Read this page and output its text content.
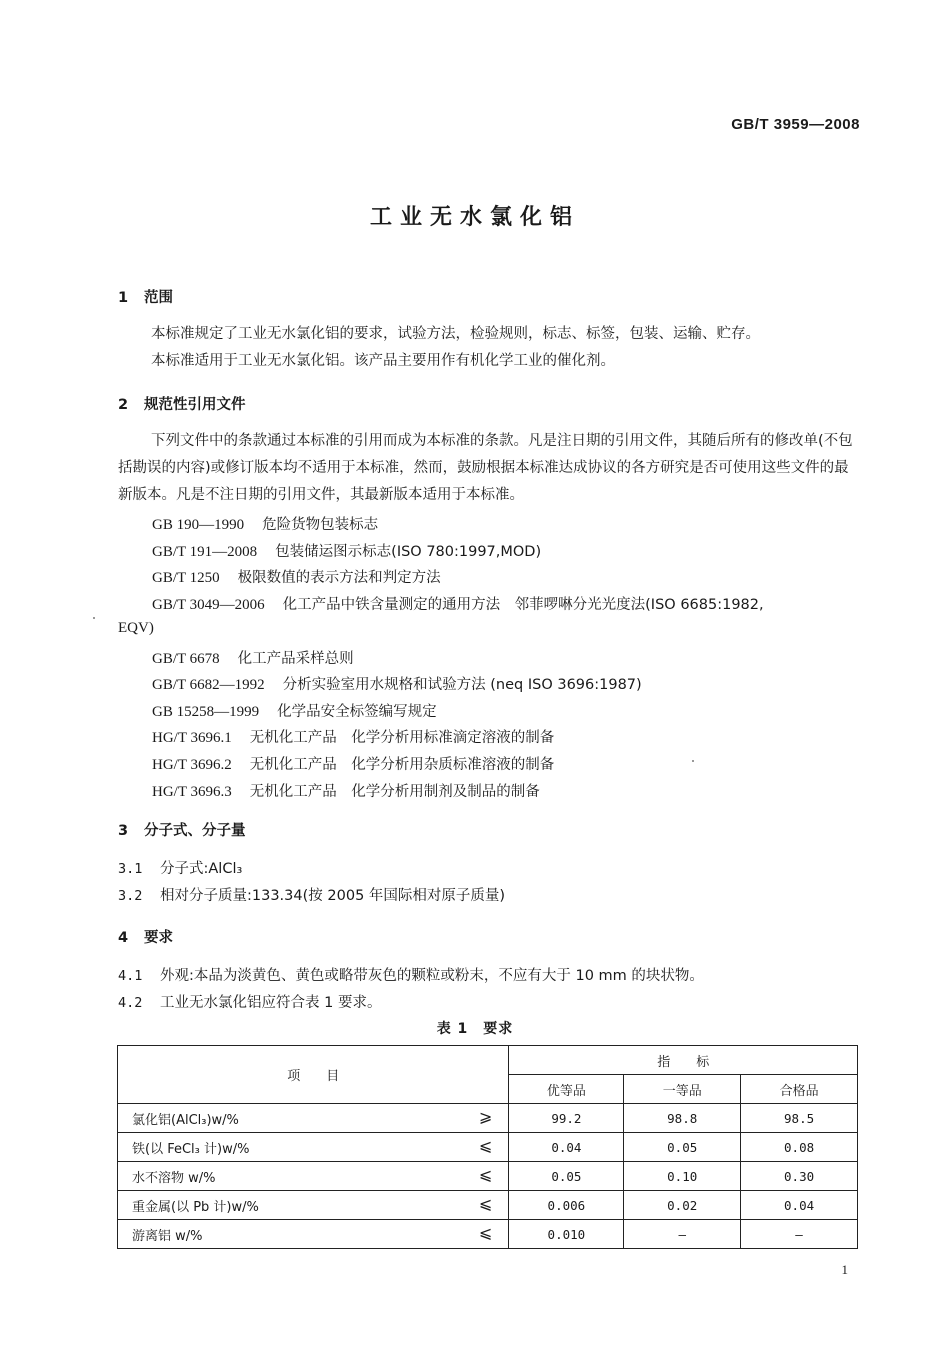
GB/T 3959—2008
工业无水氯化铝
1 范围
本标准规定了工业无水氯化铝的要求，试验方法，检验规则，标志、标签，包装、运输、贮存。
本标准适用于工业无水氯化铝。该产品主要用作有机化学工业的催化剂。
2 规范性引用文件
下列文件中的条款通过本标准的引用而成为本标准的条款。凡是注日期的引用文件，其随后所有的修改单(不包括勘误的内容)或修订版本均不适用于本标准，然而，鼓励根据本标准达成协议的各方研究是否可使用这些文件的最新版本。凡是不注日期的引用文件，其最新版本适用于本标准。
GB 190—1990 危险货物包装标志
GB/T 191—2008 包装储运图示标志(ISO 780:1997,MOD)
GB/T 1250 极限数值的表示方法和判定方法
GB/T 3049—2006 化工产品中铁含量测定的通用方法　邻菲啰啉分光光度法(ISO 6685:1982,
EQV)
GB/T 6678 化工产品采样总则
GB/T 6682—1992 分析实验室用水规格和试验方法 (neq ISO 3696:1987)
GB 15258—1999 化学品安全标签编写规定
HG/T 3696.1 无机化工产品　化学分析用标准滴定溶液的制备
HG/T 3696.2 无机化工产品　化学分析用杂质标准溶液的制备
HG/T 3696.3 无机化工产品　化学分析用制剂及制品的制备
3 分子式、分子量
3.1 分子式:AlCl₃
3.2 相对分子质量:133.34(按 2005 年国际相对原子质量)
4 要求
4.1 外观:本品为淡黄色、黄色或略带灰色的颗粒或粉末，不应有大于 10 mm 的块状物。
4.2 工业无水氯化铝应符合表 1 要求。
表 1　要求
项　　目	指　　标		
	优等品	一等品	合格品
氯化铝(AlCl₃)w/% ⩾	99.2	98.8	98.5
铁(以 FeCl₃ 计)w/% ⩽	0.04	0.05	0.08
水不溶物 w/% ⩽	0.05	0.10	0.30
重金属(以 Pb 计)w/% ⩽	0.006	0.02	0.04
游离铝 w/% ⩽	0.010	—	—
1
